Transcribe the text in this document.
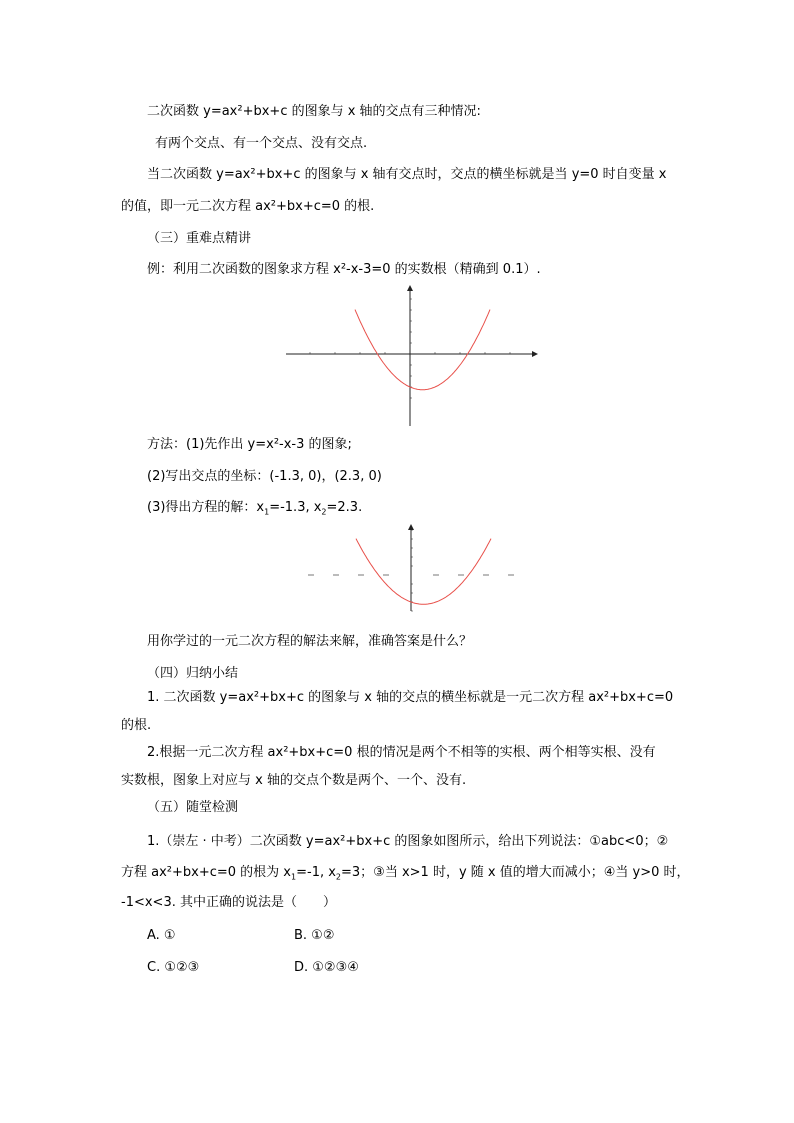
二次函数 y=ax²+bx+c 的图象与 x 轴的交点有三种情况:
有两个交点、有一个交点、没有交点.
当二次函数 y=ax²+bx+c 的图象与 x 轴有交点时，交点的横坐标就是当 y=0 时自变量 x
的值，即一元二次方程 ax²+bx+c=0 的根.
（三）重难点精讲
例：利用二次函数的图象求方程 x²-x-3=0 的实数根（精确到 0.1）.
方法：(1)先作出 y=x²-x-3 的图象;
(2)写出交点的坐标：(-1.3, 0)，(2.3, 0)
(3)得出方程的解：$x_1=-1.3$, $x_2=2.3$.
用你学过的一元二次方程的解法来解，准确答案是什么？
（四）归纳小结
1. 二次函数 y=ax²+bx+c 的图象与 x 轴的交点的横坐标就是一元二次方程 ax²+bx+c=0
的根.
2.根据一元二次方程 ax²+bx+c=0 根的情况是两个不相等的实根、两个相等实根、没有
实数根，图象上对应与 x 轴的交点个数是两个、一个、没有.
（五）随堂检测
1.（崇左 · 中考）二次函数 y=ax²+bx+c 的图象如图所示，给出下列说法：①abc<0；②
方程 ax²+bx+c=0 的根为 $x_1=-1$, $x_2=3$；③当 x>1 时，y 随 x 值的增大而减小；④当 y>0 时，
-1<x<3. 其中正确的说法是（　　）
A. ①	B. ①②
C. ①②③	D. ①②③④
